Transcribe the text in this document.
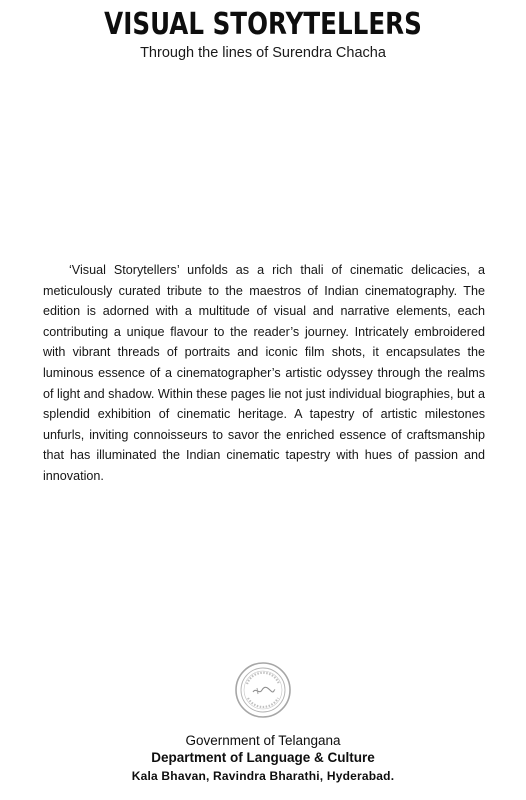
VISUAL STORYTELLERS
Through the lines of Surendra Chacha

‘Visual Storytellers’ unfolds as a rich thali of cinematic delicacies, a meticulously curated tribute to the maestros of Indian cinematography. The edition is adorned with a multitude of visual and narrative elements, each contributing a unique flavour to the reader’s journey. Intricately embroidered with vibrant threads of portraits and iconic film shots, it encapsulates the luminous essence of a cinematographer’s artistic odyssey through the realms of light and shadow. Within these pages lie not just individual biographies, but a splendid exhibition of cinematic heritage. A tapestry of artistic milestones unfurls, inviting connoisseurs to savor the enriched essence of craftsmanship that has illuminated the Indian cinematic tapestry with hues of passion and innovation.

Government of Telangana
Department of Language & Culture
Kala Bhavan, Ravindra Bharathi, Hyderabad.
